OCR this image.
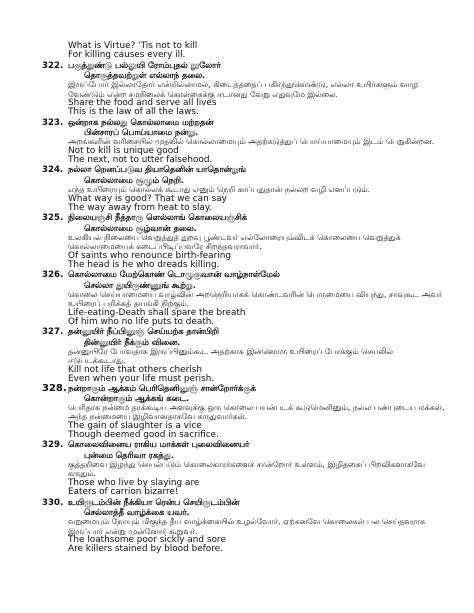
What is Virtue? 'Tis not to kill
For killing causes every ill.
322. பகுத்துண்டு பல்லுயி ரோம்புதல் நூலோர்
தொகுத்தவற்றுள் எல்லாந் தலை.
இருப்போர் இல்லாதோர் என்றில்லாமல், கிடைத்ததைப் பகிர்ந்துகொண்டு, எல்லா உயிர்களும் வாழ
வேண்டும் என்ற சமநிலைக் கொள்கைக்கு ஈடானது வேறு எதுவுமே இல்லை.
Share the food and serve all lives
This is the law of all the laws.
323. ஒன்றாக நல்லது கொல்லாமை மற்றதன்
பின்சாரப் பொய்யாமை நன்று.
அறங்களின் வரிசையில் முதலில் கொல்லாமையும் அதற்கடுத்துப் பொய்யாமையும் இடம் பெறுகின்றன.
Not to kill is unique good
The next, not to utter falsehood.
324. நல்லா றெனப்படுவ தியாதெனின் யாதொன்றுங்
கொல்லாமை சூழும் நெறி.
எந்த உயிரையும் கொல்லக் கூடாது எனும் நெறி காப்பதுதான் நல்லற வழி எனப்படும்.
What way is good? That we can say
The way away from heat to slay.
325. நிலையஞ்சி நீத்தாரு ளெல்லாங் கொலையஞ்சிக்
கொல்லாமை சூழ்வான் தலை.
உலகியல் நிலையை வெறுத்துத் துறவு பூண்டவர் எல்லோரையும்விடக் கொலையை வெறுத்துக்
கொல்லாமையைக் கடைப்பிடிப்பவரே சிறந்தவராவார்.
Of saints who renounce birth-fearing
The head is he who dreads killing.
326. கொல்லாமை மேற்கொண் டொழுகுவான் வாழ்நாள்மேல்
செல்லா துயிருண்ணுங் கூற்று.
கொலை செய்யாமையை வாழ்வின் அறநெறியாகக் கொண்டவரின் பெருமையை வியந்து, சாவுகூட அவர்
உயிரைப் பறிக்கத் தயங்கி நிற்கும்.
Life-eating-Death shall spare the breath
Of him who no life puts to death.
327. தன்னுயிர் நீப்பினுஞ் செய்யற்க தான்பிறி
தின்னுயிர் நீக்கும் வினை.
தன்னுயிரே போவதாக இருப்பினும்கூட அதற்காக இன்னொரு உயிரைப் போக்கும் செயலில்
ஈடுபடக்கூடாது.
Kill not life that others cherish
Even when your life must perish.
328.நன்றாகும் ஆக்கம் பெரிதெனினுஞ் சான்றோர்க்குக்
கொன்றாகும் ஆக்கங் கடை.
பெரிதாக நன்மை தரக்கூடிய அளவுக்கு ஒரு கொலை பயன்படக் கூடுமெனினும், நல்ல பண்புடைய மக்கள்,
அந்த நன்மையை இழிவானதாகவே கருதுவார்கள்.
The gain of slaughter is a vice
Though deemed good in sacrifice.
329. கொலைவினைய ராகிய மாக்கள் புலைவினையர்
புன்மை தெரிவா ரகத்து.
குத்தறிவை இழந்து செயல்படும் கொலைகாரர்களைச் சான்றோர் உள்ளம், இழிதகைப் பிறவிகளாகவே
கருதும்.
Those who live by slaying are
Eaters of carrion bizarre!
330. உயிருடம்பின் நீக்கியா ரென்ப செயிருடம்பின்
செல்லாத்தீ வாழ்க்கை யவர்.
வறுமையும் நோயும் மிகுந்த தீய வாழ்க்கையில் உழல்வோர், ஏற்கனவே கொலைகள் பல செய்தவராக
இருப்பார் என்று முன்னோர் கூறுவர்.
The loathsome poor sickly and sore
Are killers stained by blood before.
